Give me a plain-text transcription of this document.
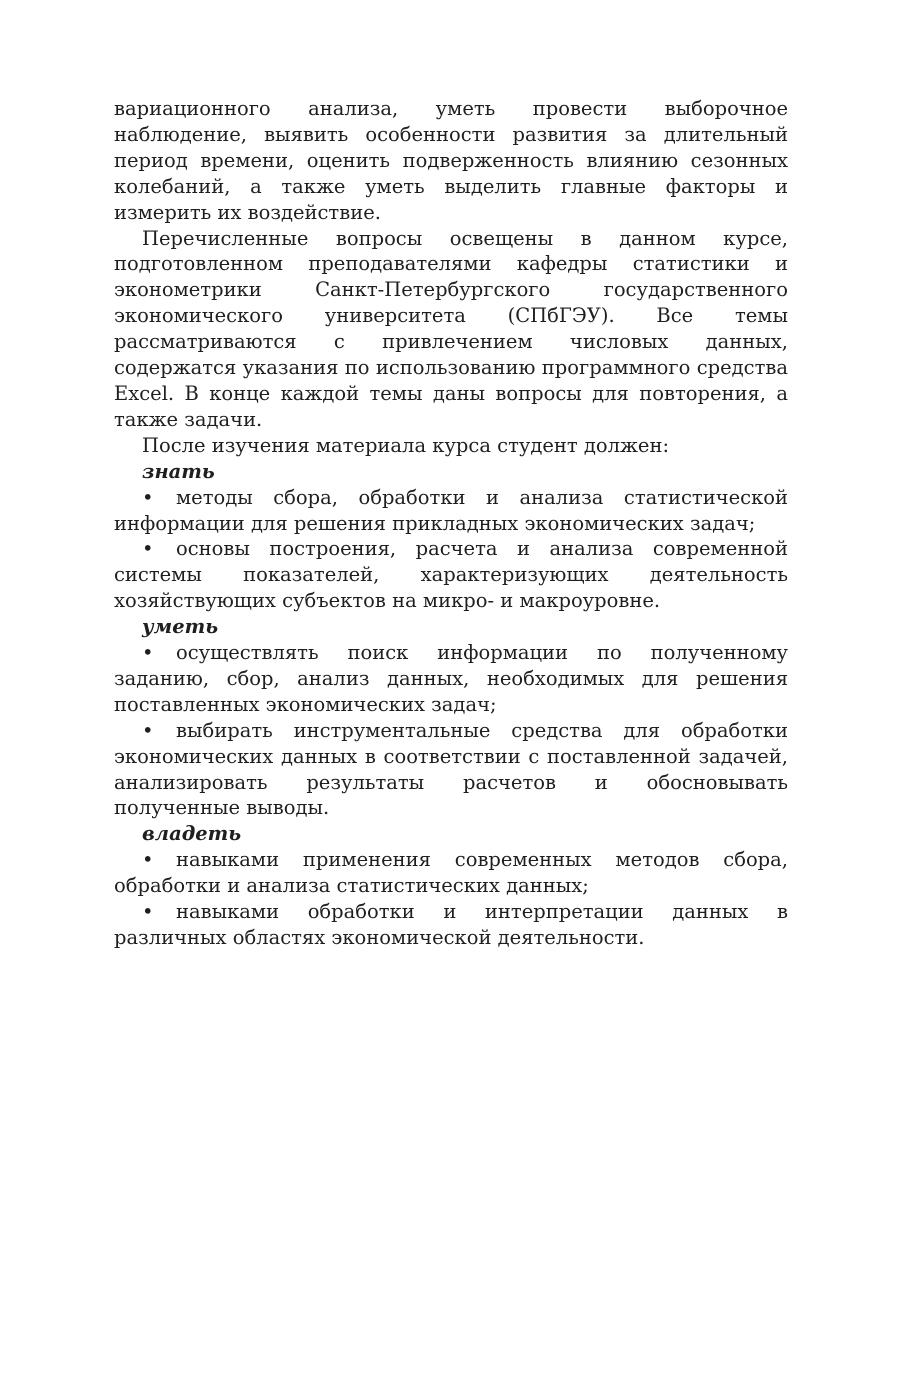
вариационного анализа, уметь провести выборочное наблюдение, выявить особенности развития за длительный период времени, оценить подверженность влиянию сезонных колебаний, а также уметь выделить главные факторы и измерить их воздействие.

Перечисленные вопросы освещены в данном курсе, подготовленном преподавателями кафедры статистики и эконометрики Санкт-Петербургского государственного экономического университета (СПбГЭУ). Все темы рассматриваются с привлечением числовых данных, содержатся указания по использованию программного средства Excel. В конце каждой темы даны вопросы для повторения, а также задачи.

После изучения материала курса студент должен:

знать

• методы сбора, обработки и анализа статистической информации для решения прикладных экономических задач;

• основы построения, расчета и анализа современной системы показателей, характеризующих деятельность хозяйствующих субъектов на микро- и макроуровне.

уметь

• осуществлять поиск информации по полученному заданию, сбор, анализ данных, необходимых для решения поставленных экономических задач;

• выбирать инструментальные средства для обработки экономических данных в соответствии с поставленной задачей, анализировать результаты расчетов и обосновывать полученные выводы.

владеть

• навыками применения современных методов сбора, обработки и анализа статистических данных;

• навыками обработки и интерпретации данных в различных областях экономической деятельности.
